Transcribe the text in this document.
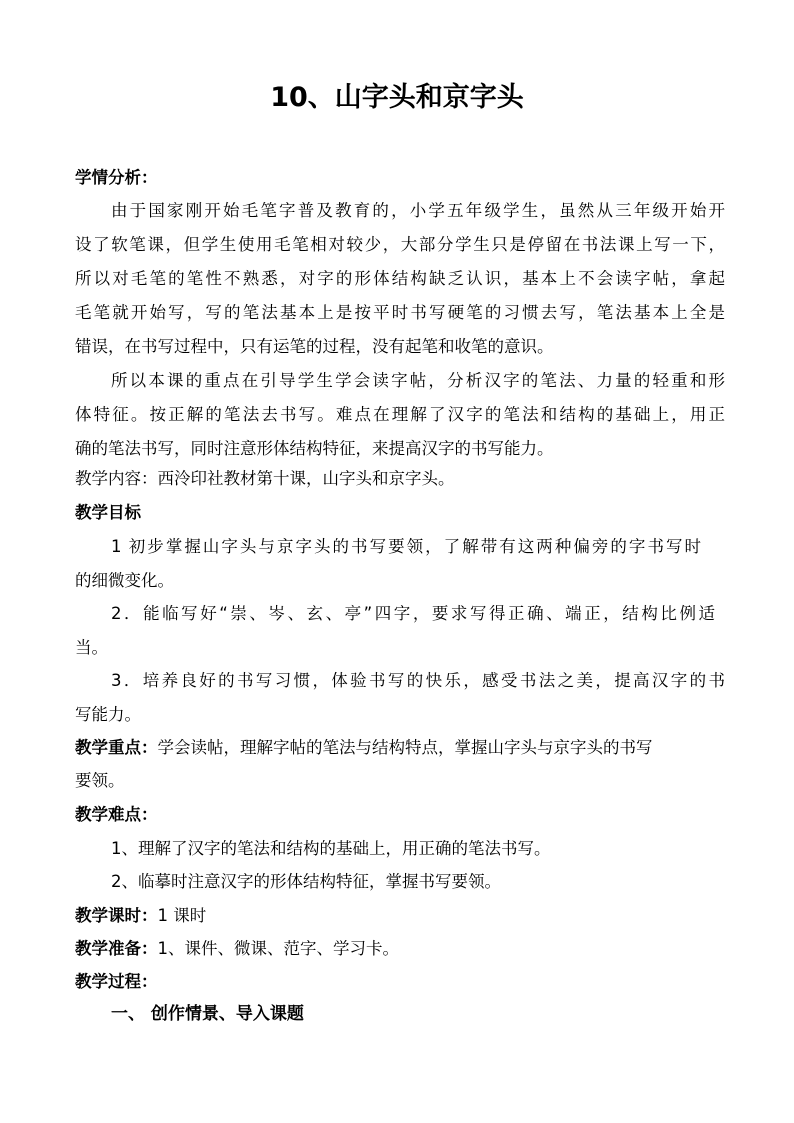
10、山字头和京字头
学情分析：
由于国家刚开始毛笔字普及教育的，小学五年级学生，虽然从三年级开始开
设了软笔课，但学生使用毛笔相对较少，大部分学生只是停留在书法课上写一下，
所以对毛笔的笔性不熟悉，对字的形体结构缺乏认识，基本上不会读字帖，拿起
毛笔就开始写，写的笔法基本上是按平时书写硬笔的习惯去写，笔法基本上全是
错误，在书写过程中，只有运笔的过程，没有起笔和收笔的意识。
所以本课的重点在引导学生学会读字帖，分析汉字的笔法、力量的轻重和形
体特征。按正解的笔法去书写。难点在理解了汉字的笔法和结构的基础上，用正
确的笔法书写，同时注意形体结构特征，来提高汉字的书写能力。
教学内容：西泠印社教材第十课，山字头和京字头。
教学目标
1 初步掌握山字头与京字头的书写要领，了解带有这两种偏旁的字书写时
的细微变化。
2．能临写好“崇、岑、玄、亭”四字，要求写得正确、端正，结构比例适
当。
3．培养良好的书写习惯，体验书写的快乐，感受书法之美，提高汉字的书
写能力。
教学重点：学会读帖，理解字帖的笔法与结构特点，掌握山字头与京字头的书写
要领。
教学难点：
1、理解了汉字的笔法和结构的基础上，用正确的笔法书写。
2、临摹时注意汉字的形体结构特征，掌握书写要领。
教学课时：1 课时
教学准备：1、课件、微课、范字、学习卡。
教学过程：
一、 创作情景、导入课题
